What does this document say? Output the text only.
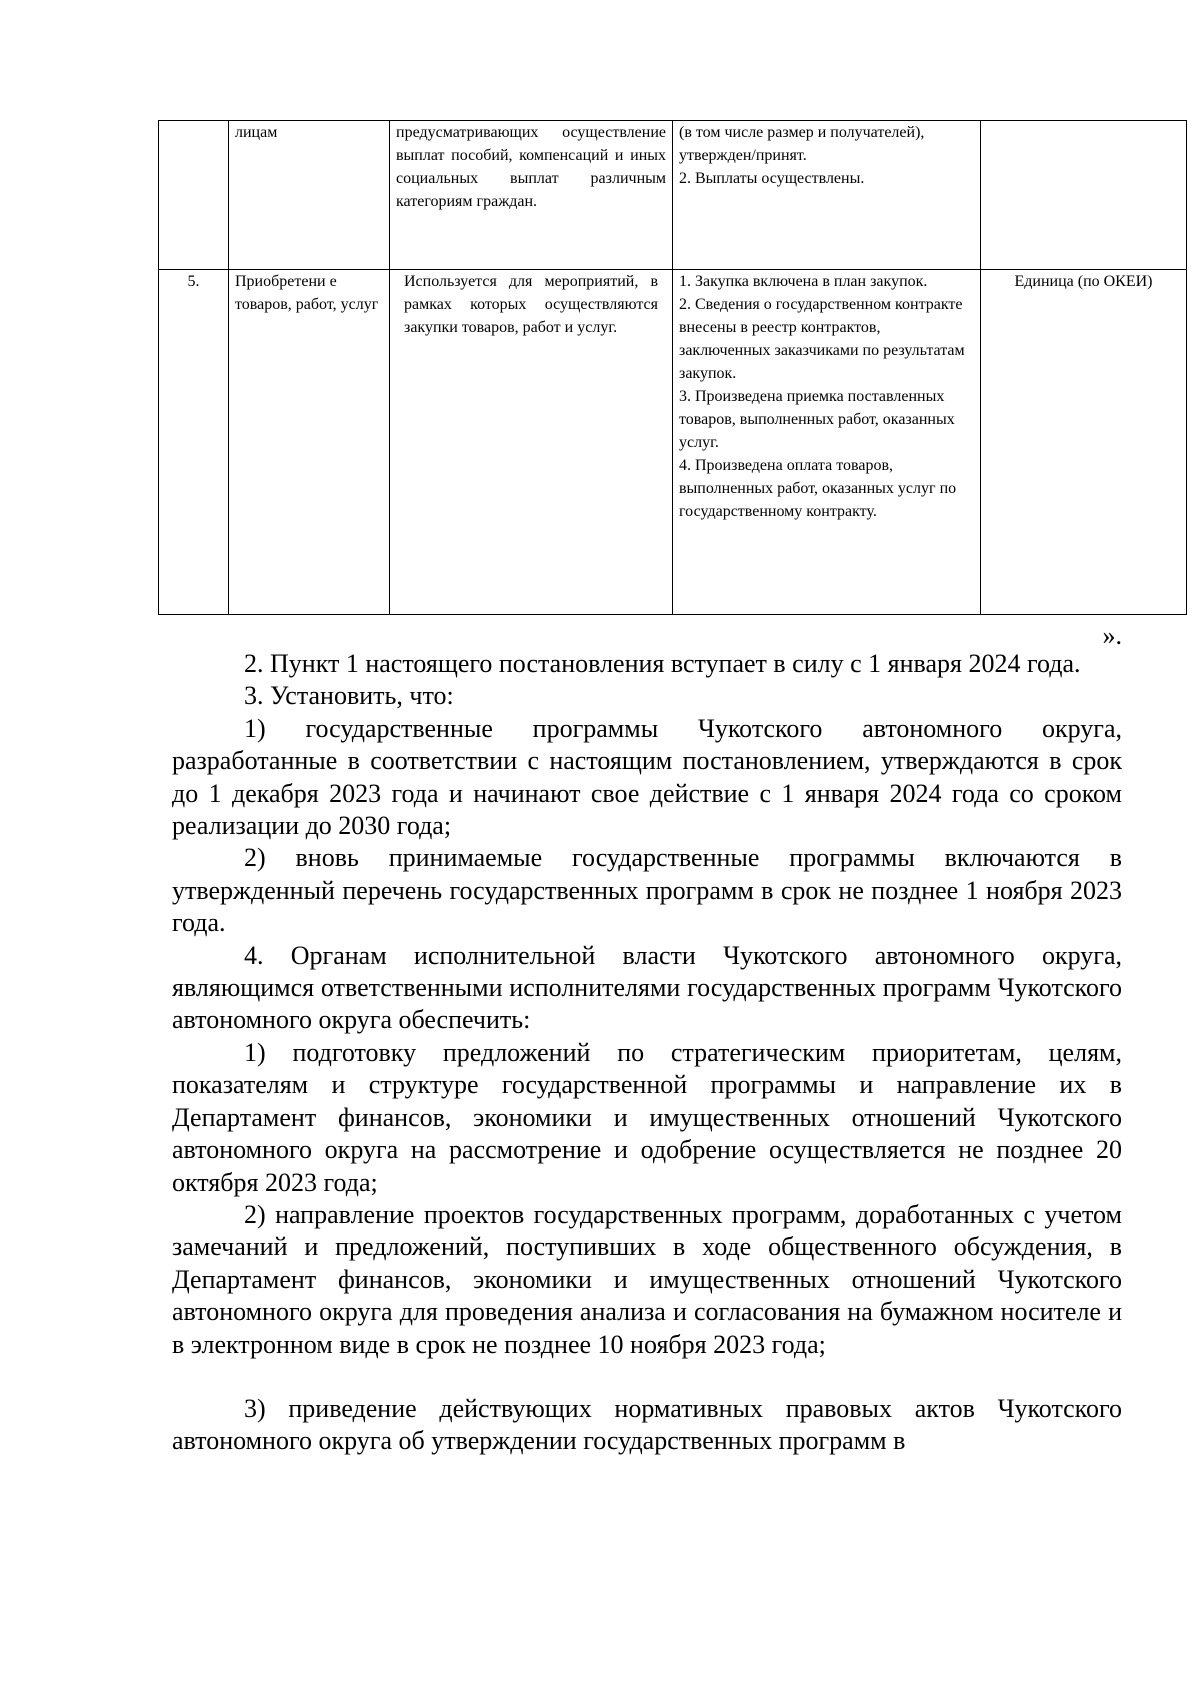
	лицам	предусматривающих осуществление выплат пособий, компенсаций и иных социальных выплат различным категориям граждан.	(в том числе размер и получателей),
утвержден/принят.
2. Выплаты осуществлены.	

5.	Приобретени е товаров, работ, услуг	Используется для мероприятий, в рамках которых осуществляются закупки товаров, работ и услуг.	1. Закупка включена в план закупок.
2. Сведения о государственном контракте внесены в реестр контрактов, заключенных заказчиками по результатам закупок.
3. Произведена приемка поставленных товаров, выполненных работ, оказанных услуг.
4. Произведена оплата товаров, выполненных работ, оказанных услуг по государственному контракту.	Единица (по ОКЕИ)
».

2. Пункт 1 настоящего постановления вступает в силу с 1 января 2024 года.

3. Установить, что:

1) государственные программы Чукотского автономного округа, разработанные в соответствии с настоящим постановлением, утверждаются в срок до 1 декабря 2023 года и начинают свое действие с 1 января 2024 года со сроком реализации до 2030 года;

2) вновь принимаемые государственные программы включаются в утвержденный перечень государственных программ в срок не позднее 1 ноября 2023 года.

4. Органам исполнительной власти Чукотского автономного округа, являющимся ответственными исполнителями государственных программ Чукотского автономного округа обеспечить:

1) подготовку предложений по стратегическим приоритетам, целям, показателям и структуре государственной программы и направление их в Департамент финансов, экономики и имущественных отношений Чукотского автономного округа на рассмотрение и одобрение осуществляется не позднее 20 октября 2023 года;

2) направление проектов государственных программ, доработанных с учетом замечаний и предложений, поступивших в ходе общественного обсуждения, в Департамент финансов, экономики и имущественных отношений Чукотского автономного округа для проведения анализа и согласования на бумажном носителе и в электронном виде в срок не позднее 10 ноября 2023 года;

3) приведение действующих нормативных правовых актов Чукотского автономного округа об утверждении государственных программ в
